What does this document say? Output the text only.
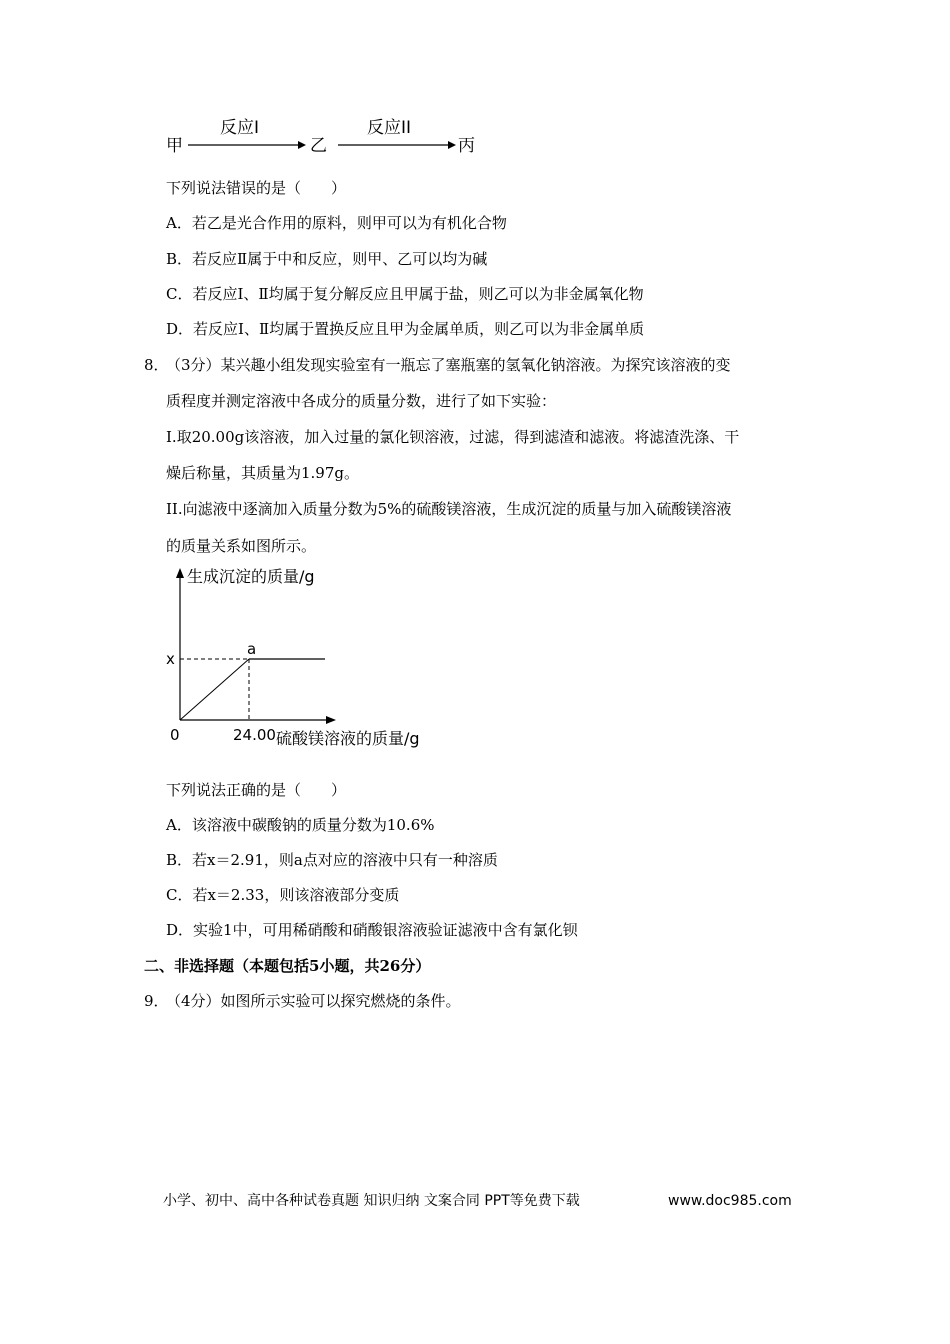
甲
反应I
乙
反应II
丙
下列说法错误的是（　　）
A．若乙是光合作用的原料，则甲可以为有机化合物
B．若反应Ⅱ属于中和反应，则甲、乙可以均为碱
C．若反应Ⅰ、Ⅱ均属于复分解反应且甲属于盐，则乙可以为非金属氧化物
D．若反应Ⅰ、Ⅱ均属于置换反应且甲为金属单质，则乙可以为非金属单质
8．
（3分）某兴趣小组发现实验室有一瓶忘了塞瓶塞的氢氧化钠溶液。为探究该溶液的变
质程度并测定溶液中各成分的质量分数，进行了如下实验：
I.取20.00g该溶液，加入过量的氯化钡溶液，过滤，得到滤渣和滤液。将滤渣洗涤、干
燥后称量，其质量为1.97g。
II.向滤液中逐滴加入质量分数为5%的硫酸镁溶液，生成沉淀的质量与加入硫酸镁溶液
的质量关系如图所示。
生成沉淀的质量/g
硫酸镁溶液的质量/g
0	24.00
x
a
下列说法正确的是（　　）
A．该溶液中碳酸钠的质量分数为10.6%
B．若x＝2.91，则a点对应的溶液中只有一种溶质
C．若x＝2.33，则该溶液部分变质
D．实验1中，可用稀硝酸和硝酸银溶液验证滤液中含有氯化钡
二、非选择题（本题包括5小题，共26分）
9．
（4分）如图所示实验可以探究燃烧的条件。
小学、初中、高中各种试卷真题 知识归纳 文案合同 PPT等免费下载	www.doc985.com
